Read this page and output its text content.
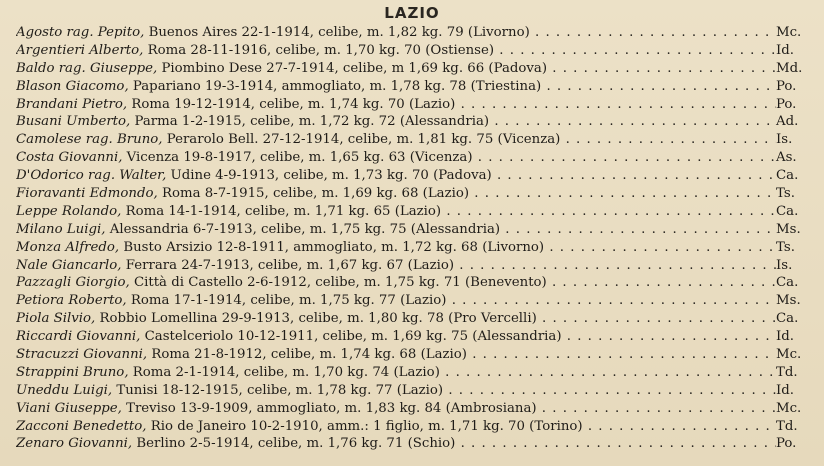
LAZIO
Agosto rag. Pepito, Buenos Aires 22-1-1914, celibe, m. 1,82 kg. 79 (Livorno) . . .	Mc.
Argentieri Alberto, Roma 28-11-1916, celibe, m. 1,70 kg. 70 (Ostiense) . . .	Id.
Baldo rag. Giuseppe, Piombino Dese 27-7-1914, celibe, m 1,69 kg. 66 (Padova) . . .	Md.
Blason Giacomo, Papariano 19-3-1914, ammogliato, m. 1,78 kg. 78 (Triestina) . . .	Po.
Brandani Pietro, Roma 19-12-1914, celibe, m. 1,74 kg. 70 (Lazio) . . .	Po.
Busani Umberto, Parma 1-2-1915, celibe, m. 1,72 kg. 72 (Alessandria) . . .	Ad.
Camolese rag. Bruno, Perarolo Bell. 27-12-1914, celibe, m. 1,81 kg. 75 (Vicenza) . . .	Is.
Costa Giovanni, Vicenza 19-8-1917, celibe, m. 1,65 kg. 63 (Vicenza) . . .	As.
D'Odorico rag. Walter, Udine 4-9-1913, celibe, m. 1,73 kg. 70 (Padova) . . .	Ca.
Fioravanti Edmondo, Roma 8-7-1915, celibe, m. 1,69 kg. 68 (Lazio) . . .	Ts.
Leppe Rolando, Roma 14-1-1914, celibe, m. 1,71 kg. 65 (Lazio) . . .	Ca.
Milano Luigi, Alessandria 6-7-1913, celibe, m. 1,75 kg. 75 (Alessandria) . . .	Ms.
Monza Alfredo, Busto Arsizio 12-8-1911, ammogliato, m. 1,72 kg. 68 (Livorno) . . .	Ts.
Nale Giancarlo, Ferrara 24-7-1913, celibe, m. 1,67 kg. 67 (Lazio) . . .	Is.
Pazzagli Giorgio, Città di Castello 2-6-1912, celibe, m. 1,75 kg. 71 (Benevento) . . .	Ca.
Petiora Roberto, Roma 17-1-1914, celibe, m. 1,75 kg. 77 (Lazio) . . .	Ms.
Piola Silvio, Robbio Lomellina 29-9-1913, celibe, m. 1,80 kg. 78 (Pro Vercelli) . . .	Ca.
Riccardi Giovanni, Castelceriolo 10-12-1911, celibe, m. 1,69 kg. 75 (Alessandria) . . .	Id.
Stracuzzi Giovanni, Roma 21-8-1912, celibe, m. 1,74 kg. 68 (Lazio) . . .	Mc.
Strappini Bruno, Roma 2-1-1914, celibe, m. 1,70 kg. 74 (Lazio) . . .	Td.
Uneddu Luigi, Tunisi 18-12-1915, celibe, m. 1,78 kg. 77 (Lazio) . . .	Id.
Viani Giuseppe, Treviso 13-9-1909, ammogliato, m. 1,83 kg. 84 (Ambrosiana) . . .	Mc.
Zacconi Benedetto, Rio de Janeiro 10-2-1910, amm.: 1 figlio, m. 1,71 kg. 70 (Torino) . . .	Td.
Zenaro Giovanni, Berlino 2-5-1914, celibe, m. 1,76 kg. 71 (Schio) . . .	Po.
